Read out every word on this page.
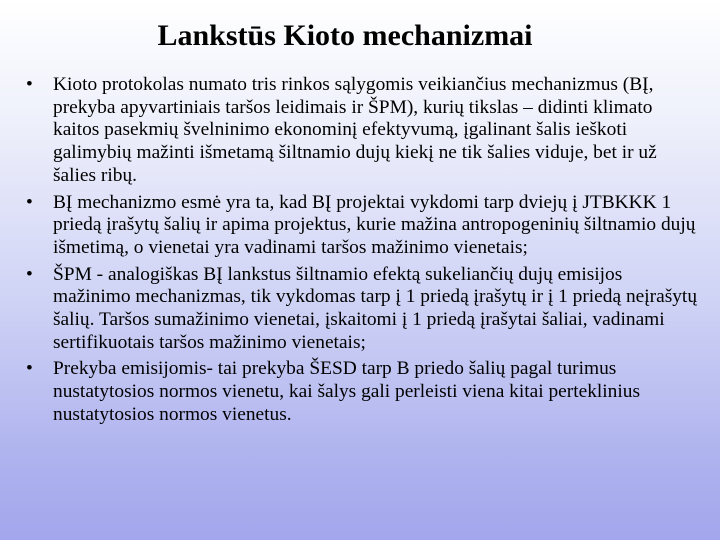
Lankstūs Kioto mechanizmai
•	Kioto protokolas numato tris rinkos sąlygomis veikiančius mechanizmus (BĮ, prekyba apyvartiniais taršos leidimais ir ŠPM), kurių tikslas – didinti klimato kaitos pasekmių švelninimo ekonominį efektyvumą, įgalinant šalis ieškoti galimybių mažinti išmetamą šiltnamio dujų kiekį ne tik šalies viduje, bet ir už šalies ribų.
•	BĮ mechanizmo esmė yra ta, kad BĮ projektai vykdomi tarp dviejų į JTBKKK 1 priedą įrašytų šalių ir apima projektus, kurie mažina antropogeninių šiltnamio dujų išmetimą, o vienetai yra vadinami taršos mažinimo vienetais;
•	ŠPM - analogiškas BĮ lankstus šiltnamio efektą sukeliančių dujų emisijos mažinimo mechanizmas, tik vykdomas tarp į 1 priedą įrašytų ir į 1 priedą neįrašytų šalių. Taršos sumažinimo vienetai, įskaitomi į 1 priedą įrašytai šaliai, vadinami sertifikuotais taršos mažinimo vienetais;
•	Prekyba emisijomis- tai prekyba ŠESD tarp B priedo šalių pagal turimus nustatytosios normos vienetu, kai šalys gali perleisti viena kitai perteklinius nustatytosios normos vienetus.
